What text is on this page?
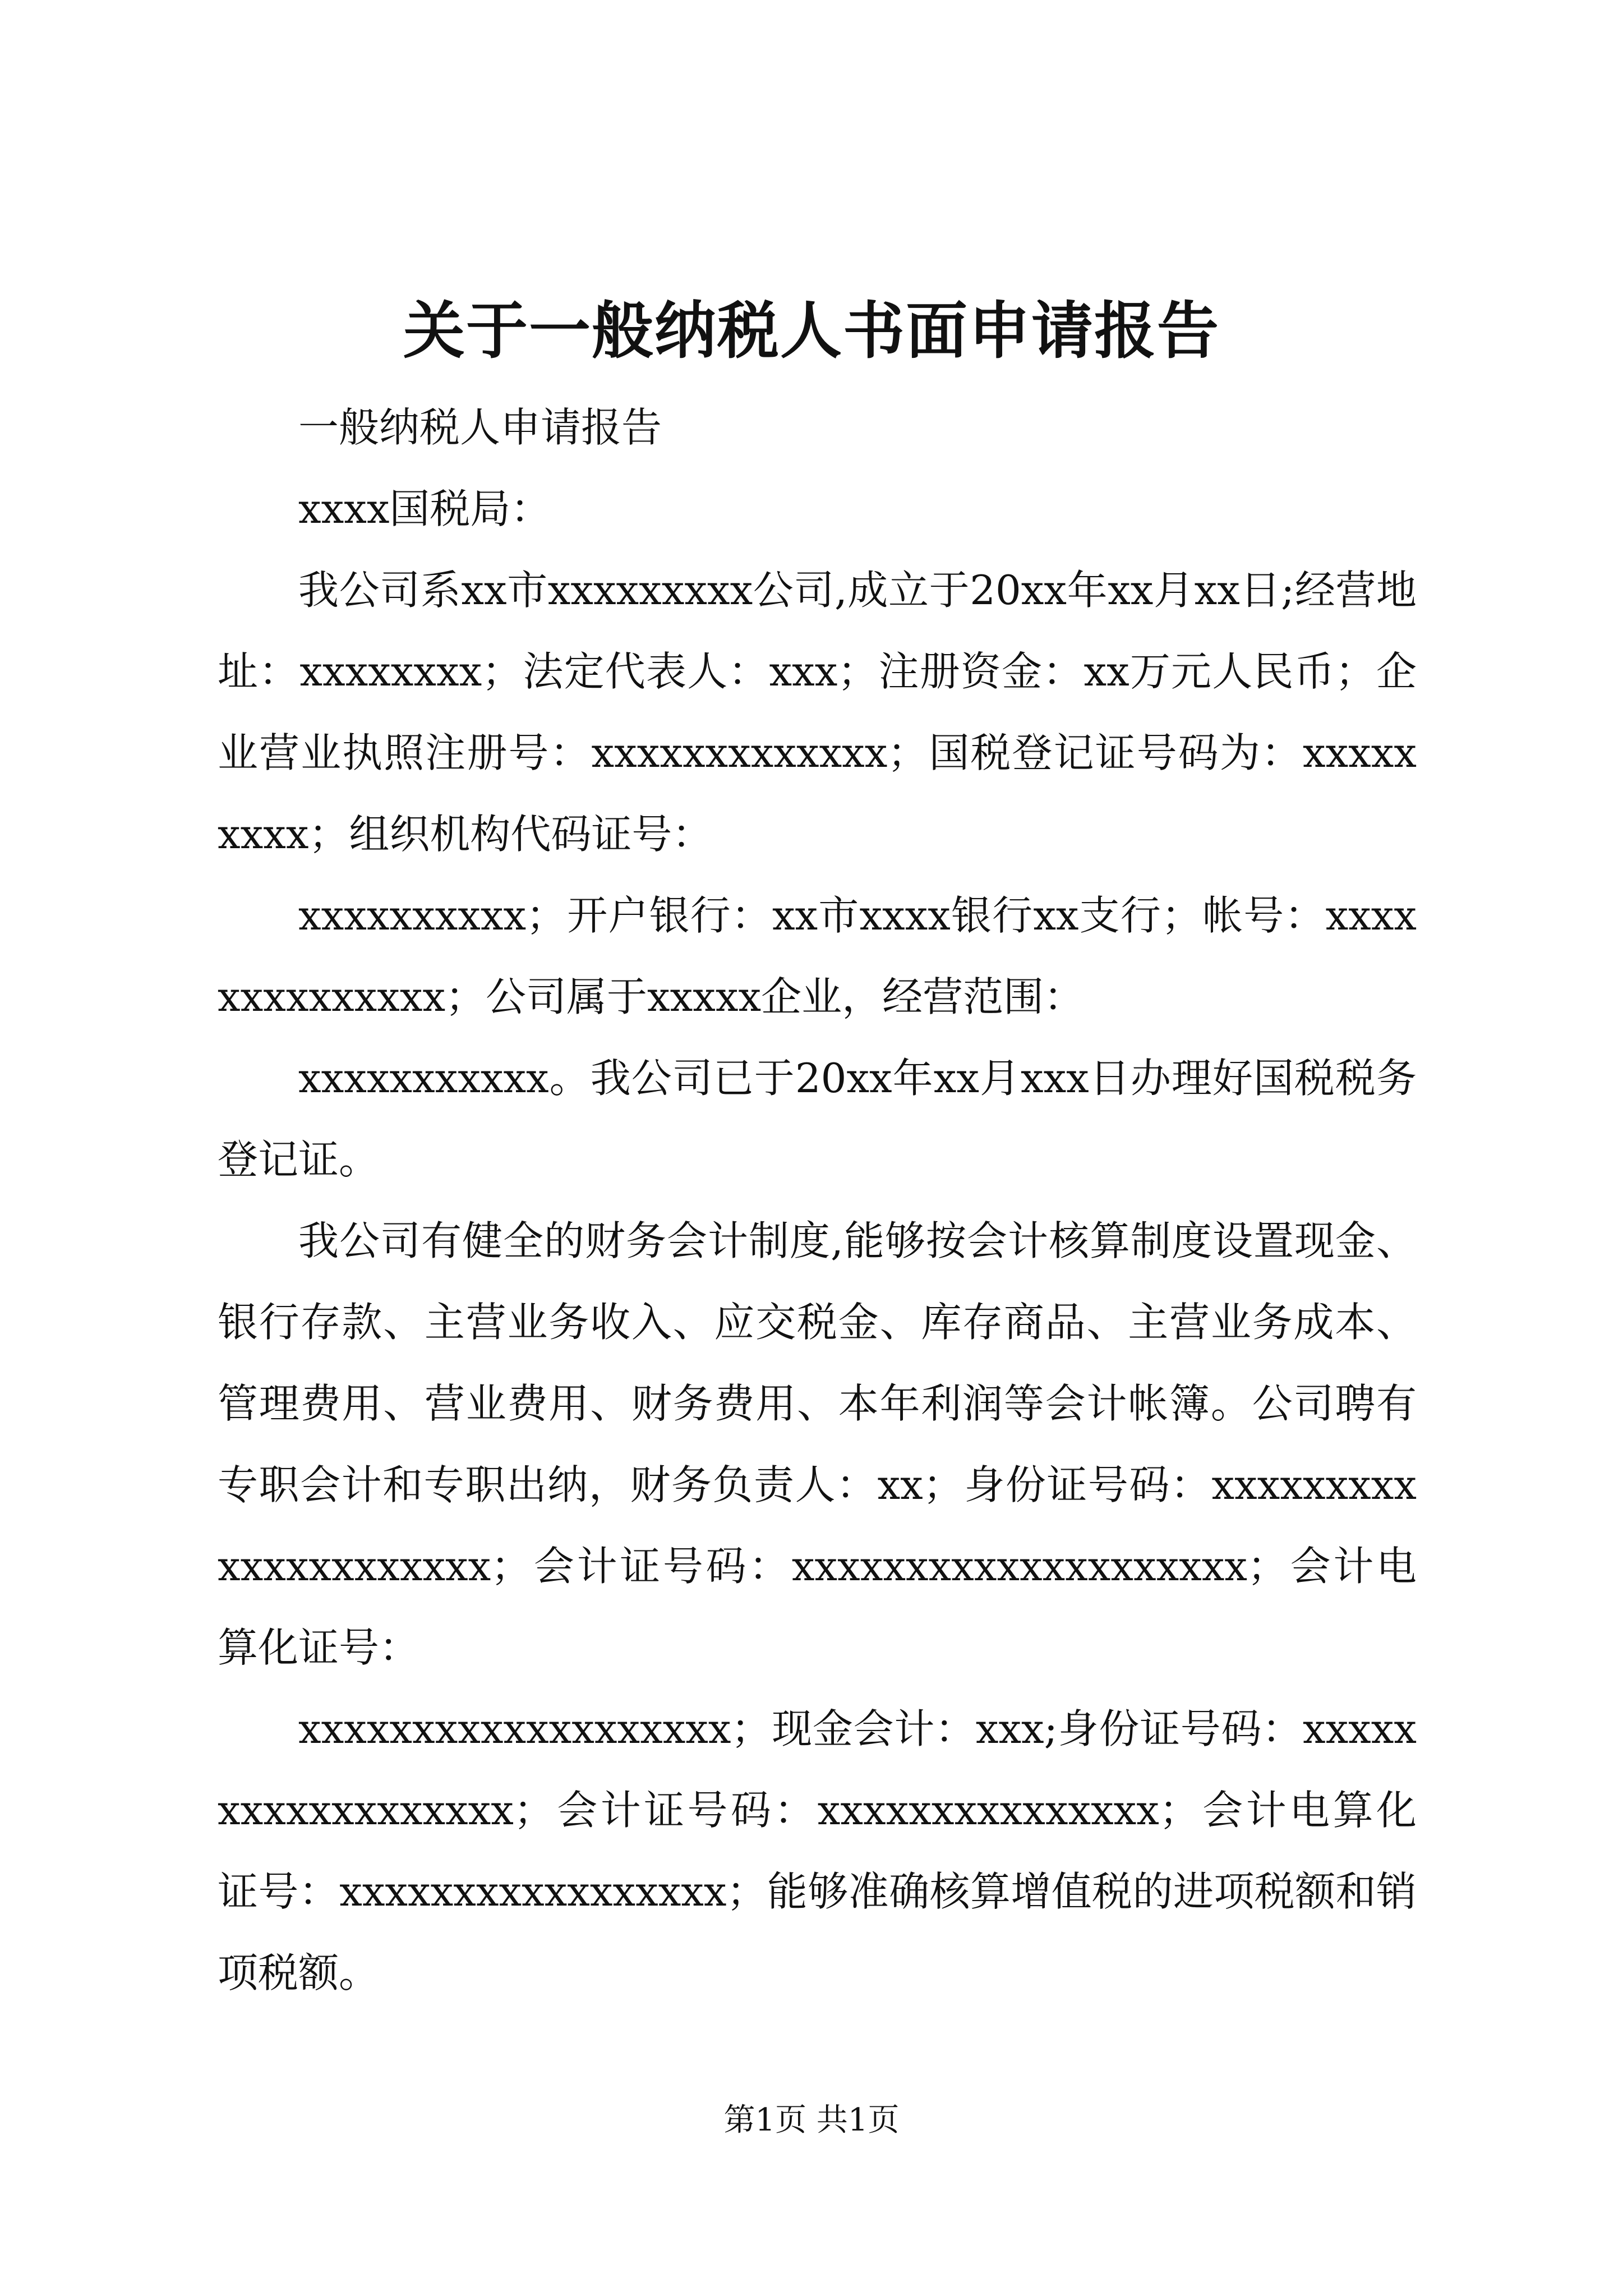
关于一般纳税人书面申请报告

一般纳税人申请报告

xxxx国税局：

我公司系xx市xxxxxxxxx公司,成立于20xx年xx月xx日;经营地址：xxxxxxxx；法定代表人：xxx；注册资金：xx万元人民币；企业营业执照注册号：xxxxxxxxxxxxx；国税登记证号码为：xxxxxxxxx；组织机构代码证号：

xxxxxxxxxx；开户银行：xx市xxxx银行xx支行；帐号：xxxxxxxxxxxxxx；公司属于xxxxx企业，经营范围：

xxxxxxxxxxx。我公司已于20xx年xx月xxx日办理好国税税务登记证。

我公司有健全的财务会计制度,能够按会计核算制度设置现金、银行存款、主营业务收入、应交税金、库存商品、主营业务成本、管理费用、营业费用、财务费用、本年利润等会计帐簿。公司聘有专职会计和专职出纳，财务负责人：xx；身份证号码：xxxxxxxxxxxxxxxxxxxxx；会计证号码：xxxxxxxxxxxxxxxxxxxx；会计电算化证号：

xxxxxxxxxxxxxxxxxxx；现金会计：xxx;身份证号码：xxxxxxxxxxxxxxxxxx；会计证号码：xxxxxxxxxxxxxxx；会计电算化证号：xxxxxxxxxxxxxxxxx；能够准确核算增值税的进项税额和销项税额。

第1页 共1页
